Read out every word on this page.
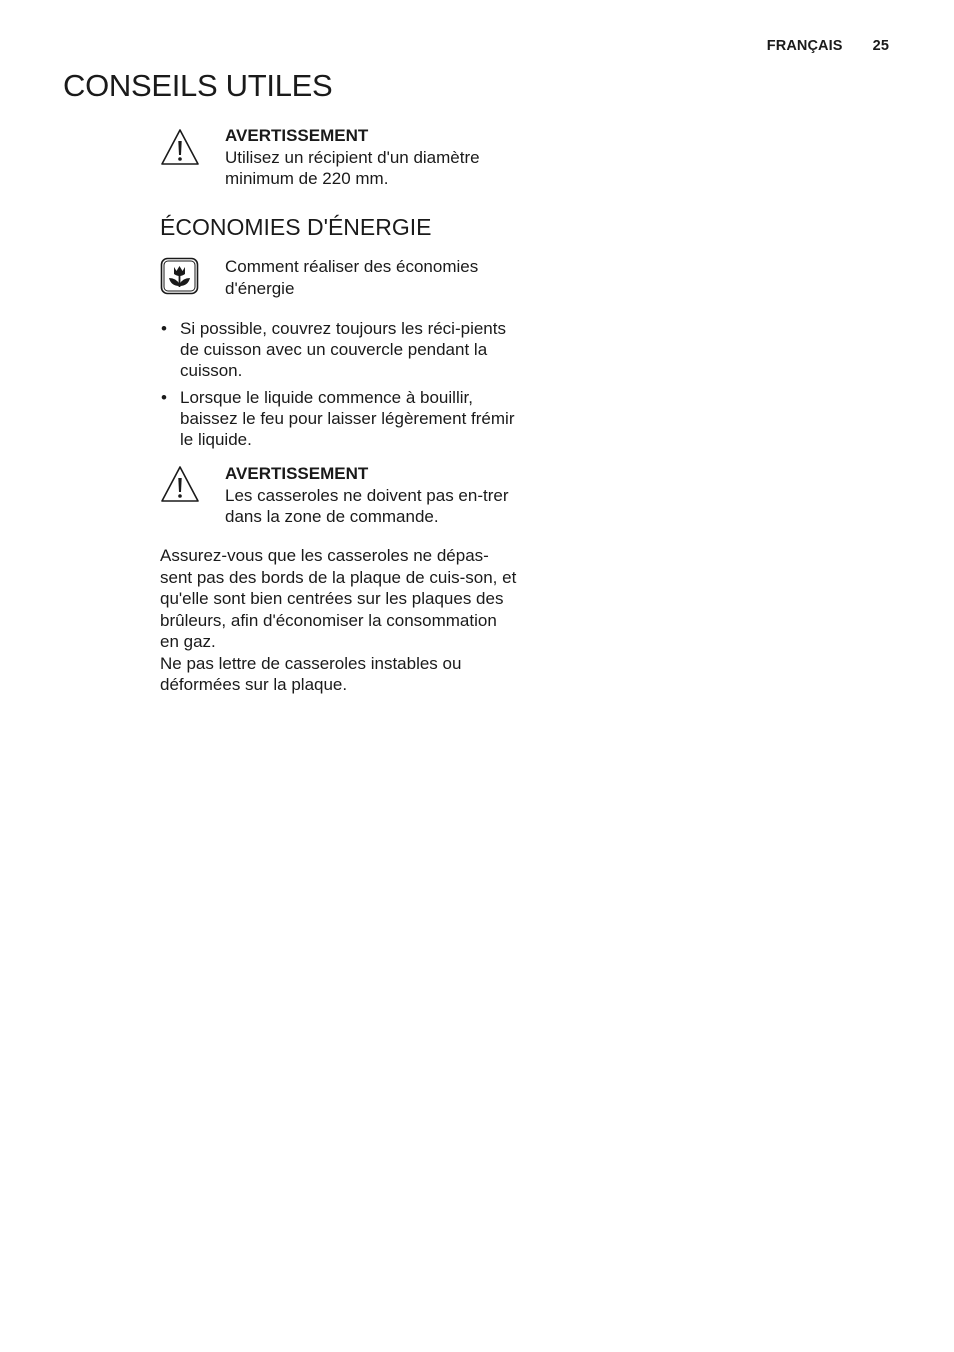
FRANÇAIS 25
CONSEILS UTILES
AVERTISSEMENT
Utilisez un récipient d'un diamètre minimum de 220 mm.
ÉCONOMIES D'ÉNERGIE
Comment réaliser des économies d'énergie
• Si possible, couvrez toujours les réci-pients de cuisson avec un couvercle pendant la cuisson.
• Lorsque le liquide commence à bouillir, baissez le feu pour laisser légèrement frémir le liquide.
AVERTISSEMENT
Les casseroles ne doivent pas en-trer dans la zone de commande.
Assurez-vous que les casseroles ne dépas-sent pas des bords de la plaque de cuis-son, et qu'elle sont bien centrées sur les plaques des brûleurs, afin d'économiser la consommation en gaz.
Ne pas lettre de casseroles instables ou déformées sur la plaque.
